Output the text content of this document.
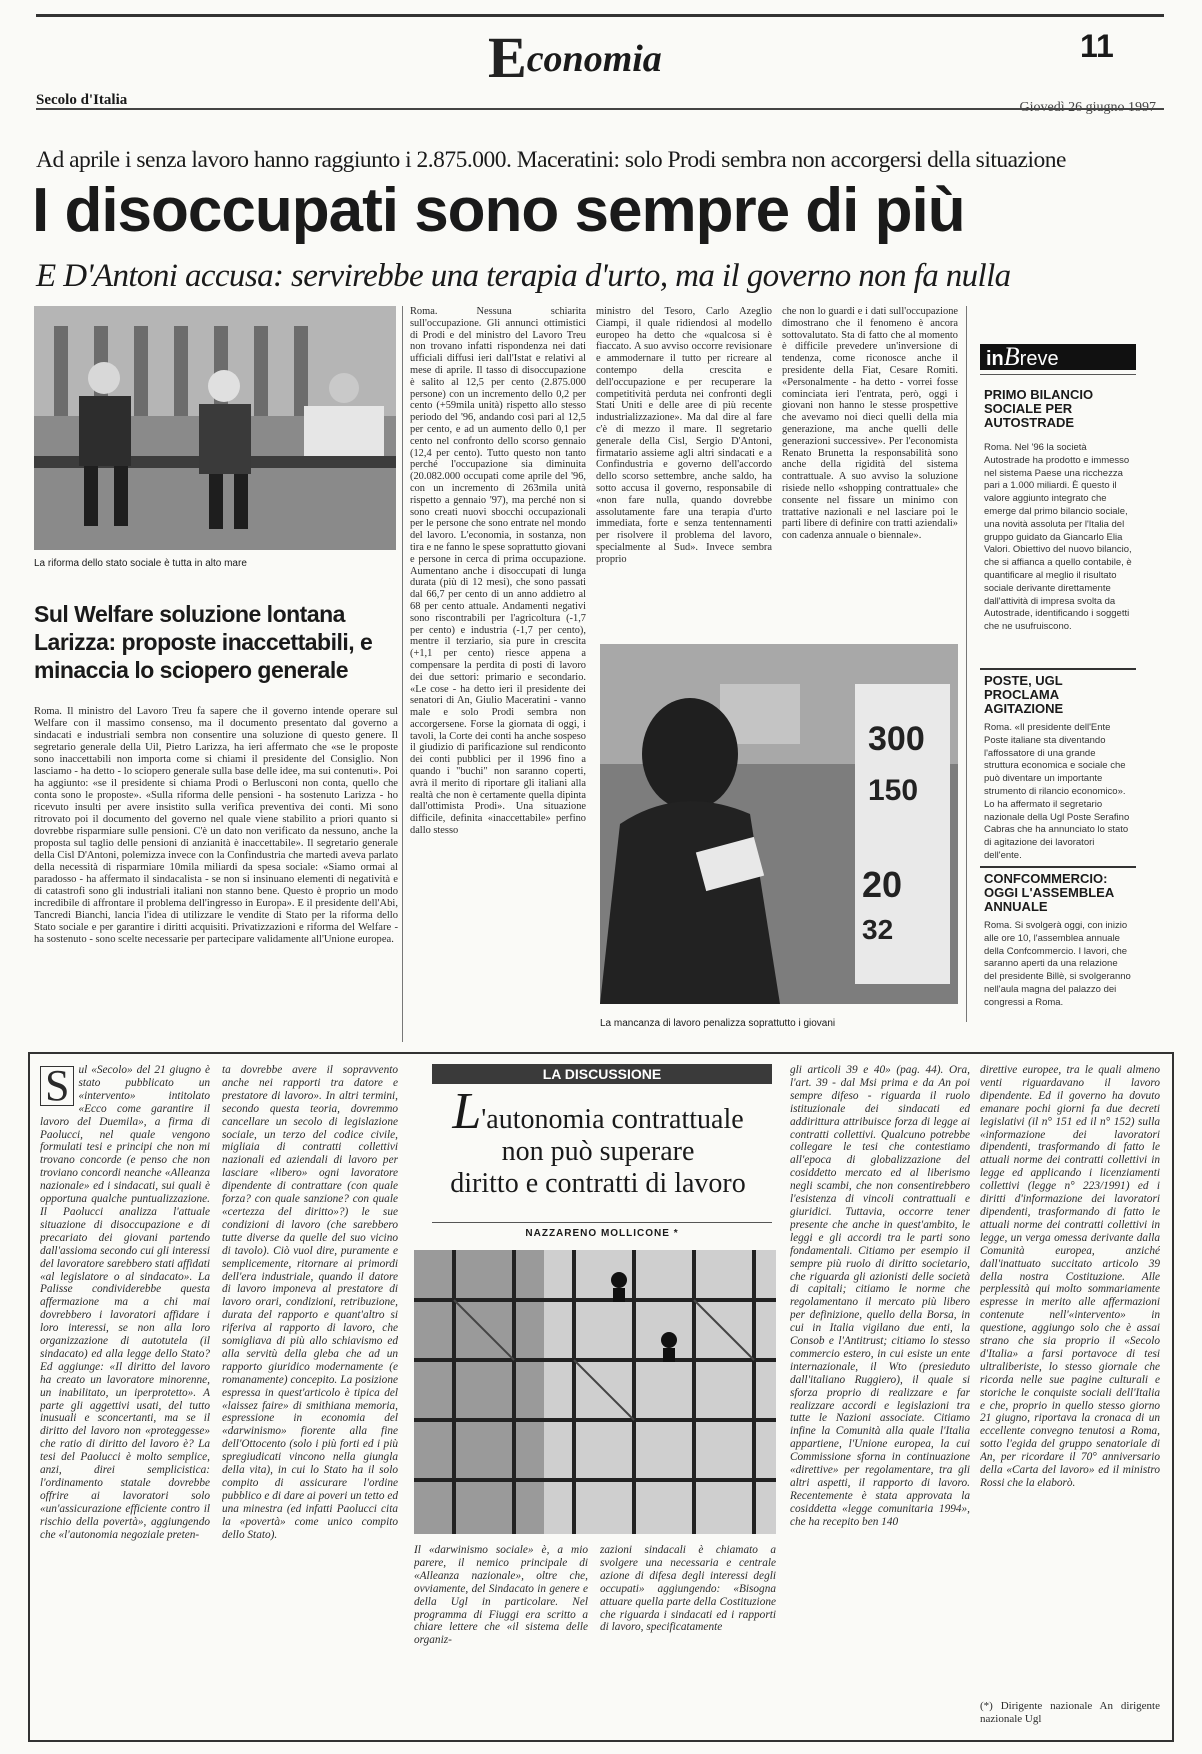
Economia	11
Secolo d'Italia	Giovedì 26 giugno 1997
Ad aprile i senza lavoro hanno raggiunto i 2.875.000. Maceratini: solo Prodi sembra non accorgersi della situazione
I disoccupati sono sempre di più
E D'Antoni accusa: servirebbe una terapia d'urto, ma il governo non fa nulla
La riforma dello stato sociale è tutta in alto mare
Sul Welfare soluzione lontana Larizza: proposte inaccettabili, e minaccia lo sciopero generale
Roma. Il ministro del Lavoro Treu fa sapere che il governo intende operare sul Welfare con il massimo consenso, ma il documento presentato dal governo a sindacati e industriali sembra non consentire una soluzione di questo genere. Il segretario generale della Uil, Pietro Larizza, ha ieri affermato che «se le proposte sono inaccettabili non importa come si chiami il presidente del Consiglio. Non lasciamo - ha detto - lo sciopero generale sulla base delle idee, ma sui contenuti». Poi ha aggiunto: «se il presidente si chiama Prodi o Berlusconi non conta, quello che conta sono le proposte». «Sulla riforma delle pensioni - ha sostenuto Larizza - ho ricevuto insulti per avere insistito sulla verifica preventiva dei conti. Mi sono ritrovato poi il documento del governo nel quale viene stabilito a priori quanto si dovrebbe risparmiare sulle pensioni. C'è un dato non verificato da nessuno, anche la proposta sul taglio delle pensioni di anzianità è inaccettabile». Il segretario generale della Cisl D'Antoni, polemizza invece con la Confindustria che martedì aveva parlato della necessità di risparmiare 10mila miliardi da spesa sociale: «Siamo ormai al paradosso - ha affermato il sindacalista - se non si insinuano elementi di negatività e di catastrofi sono gli industriali italiani non stanno bene. Questo è proprio un modo incredibile di affrontare il problema dell'ingresso in Europa». E il presidente dell'Abi, Tancredi Bianchi, lancia l'idea di utilizzare le vendite di Stato per la riforma dello Stato sociale e per garantire i diritti acquisiti. Privatizzazioni e riforma del Welfare - ha sostenuto - sono scelte necessarie per partecipare validamente all'Unione europea.
Roma. Nessuna schiarita sull'occupazione. Gli annunci ottimistici di Prodi e del ministro del Lavoro Treu non trovano infatti rispondenza nei dati ufficiali diffusi ieri dall'Istat e relativi al mese di aprile. Il tasso di disoccupazione è salito al 12,5 per cento (2.875.000 persone) con un incremento dello 0,2 per cento (+59mila unità) rispetto allo stesso periodo del '96, andando così pari al 12,5 per cento, e ad un aumento dello 0,1 per cento nel confronto dello scorso gennaio (12,4 per cento). Tutto questo non tanto perché l'occupazione sia diminuita (20.082.000 occupati come aprile del '96, con un incremento di 263mila unità rispetto a gennaio '97), ma perché non si sono creati nuovi sbocchi occupazionali per le persone che sono entrate nel mondo del lavoro. L'economia, in sostanza, non tira e ne fanno le spese soprattutto giovani e persone in cerca di prima occupazione. Aumentano anche i disoccupati di lunga durata (più di 12 mesi), che sono passati dal 66,7 per cento di un anno addietro al 68 per cento attuale. Andamenti negativi sono riscontrabili per l'agricoltura (-1,7 per cento) e industria (-1,7 per cento), mentre il terziario, sia pure in crescita (+1,1 per cento) riesce appena a compensare la perdita di posti di lavoro dei due settori: primario e secondario. «Le cose - ha detto ieri il presidente dei senatori di An, Giulio Maceratini - vanno male e solo Prodi sembra non accorgersene. Forse la giornata di oggi, i tavoli, la Corte dei conti ha anche sospeso il giudizio di parificazione sul rendiconto dei conti pubblici per il 1996 fino a quando i "buchi" non saranno coperti, avrà il merito di riportare gli italiani alla realtà che non è certamente quella dipinta dall'ottimista Prodi». Una situazione difficile, definita «inaccettabile» perfino dallo stesso
ministro del Tesoro, Carlo Azeglio Ciampi, il quale ridiendosi al modello europeo ha detto che «qualcosa si è fiaccato. A suo avviso occorre revisionare e ammodernare il tutto per ricreare al contempo della crescita e dell'occupazione e per recuperare la competitività perduta nei confronti degli Stati Uniti e delle aree di più recente industrializzazione». Ma dal dire al fare c'è di mezzo il mare. Il segretario generale della Cisl, Sergio D'Antoni, firmatario assieme agli altri sindacati e a Confindustria e governo dell'accordo dello scorso settembre, anche saldo, ha sotto accusa il governo, responsabile di «non fare nulla, quando dovrebbe assolutamente fare una terapia d'urto immediata, forte e senza tentennamenti per risolvere il problema del lavoro, specialmente al Sud». Invece sembra proprio
che non lo guardi e i dati sull'occupazione dimostrano che il fenomeno è ancora sottovalutato. Sta di fatto che al momento è difficile prevedere un'inversione di tendenza, come riconosce anche il presidente della Fiat, Cesare Romiti. «Personalmente - ha detto - vorrei fosse cominciata ieri l'entrata, però, oggi i giovani non hanno le stesse prospettive che avevamo noi dieci quelli della mia generazione, ma anche quelli delle generazioni successive». Per l'economista Renato Brunetta la responsabilità sono anche della rigidità del sistema contrattuale. A suo avviso la soluzione risiede nello «shopping contrattuale» che consente nel fissare un minimo con trattative nazionali e nel lasciare poi le parti libere di definire con tratti aziendali» con cadenza annuale o biennale».
300
150
20
32
La mancanza di lavoro penalizza soprattutto i giovani
inBreve
PRIMO BILANCIO SOCIALE PER AUTOSTRADE
Roma. Nel '96 la società Autostrade ha prodotto e immesso nel sistema Paese una ricchezza pari a 1.000 miliardi. È questo il valore aggiunto integrato che emerge dal primo bilancio sociale, una novità assoluta per l'Italia del gruppo guidato da Giancarlo Elia Valori. Obiettivo del nuovo bilancio, che si affianca a quello contabile, è quantificare al meglio il risultato sociale derivante direttamente dall'attività di impresa svolta da Autostrade, identificando i soggetti che ne usufruiscono.
POSTE, UGL PROCLAMA AGITAZIONE
Roma. «Il presidente dell'Ente Poste italiane sta diventando l'affossatore di una grande struttura economica e sociale che può diventare un importante strumento di rilancio economico». Lo ha affermato il segretario nazionale della Ugl Poste Serafino Cabras che ha annunciato lo stato di agitazione dei lavoratori dell'ente.
CONFCOMMERCIO: OGGI L'ASSEMBLEA ANNUALE
Roma. Si svolgerà oggi, con inizio alle ore 10, l'assemblea annuale della Confcommercio. I lavori, che saranno aperti da una relazione del presidente Billè, si svolgeranno nell'aula magna del palazzo dei congressi a Roma.
S ul «Secolo» del 21 giugno è stato pubblicato un «intervento» intitolato «Ecco come garantire il lavoro del Duemila», a firma di Paolucci, nel quale vengono formulati tesi e principi che non mi trovano concorde (e penso che non troviano concordi neanche «Alleanza nazionale» ed i sindacati, sui quali è opportuna qualche puntualizzazione. Il Paolucci analizza l'attuale situazione di disoccupazione e di precariato dei giovani partendo dall'assioma secondo cui gli interessi del lavoratore sarebbero stati affidati «al legislatore o al sindacato». La Palisse condividerebbe questa affermazione ma a chi mai dovrebbero i lavoratori affidare i loro interessi, se non alla loro organizzazione di autotutela (il sindacato) ed alla legge dello Stato? Ed aggiunge: «Il diritto del lavoro ha creato un lavoratore minorenne, un inabilitato, un iperprotetto». A parte gli aggettivi usati, del tutto inusuali e sconcertanti, ma se il diritto del lavoro non «proteggesse» che ratio di diritto del lavoro è? La tesi del Paolucci è molto semplice, anzi, direi semplicistica: l'ordinamento statale dovrebbe offrire ai lavoratori solo «un'assicurazione efficiente contro il rischio della povertà», aggiungendo che «l'autonomia negoziale preten-
ta dovrebbe avere il sopravvento anche nei rapporti tra datore e prestatore di lavoro». In altri termini, secondo questa teoria, dovremmo cancellare un secolo di legislazione sociale, un terzo del codice civile, migliaia di contratti collettivi nazionali ed aziendali di lavoro per lasciare «libero» ogni lavoratore dipendente di contrattare (con quale forza? con quale sanzione? con quale «certezza del diritto»?) le sue condizioni di lavoro (che sarebbero tutte diverse da quelle del suo vicino di tavolo). Ciò vuol dire, puramente e semplicemente, ritornare ai primordi dell'era industriale, quando il datore di lavoro imponeva al prestatore di lavoro orari, condizioni, retribuzione, durata del rapporto e quant'altro si riferiva al rapporto di lavoro, che somigliava di più allo schiavismo ed alla servitù della gleba che ad un rapporto giuridico modernamente (e romanamente) concepito. La posizione espressa in quest'articolo è tipica del «laissez faire» di smithiana memoria, espressione in economia del «darwinismo» fiorente alla fine dell'Ottocento (solo i più forti ed i più spregiudicati vincono nella giungla della vita), in cui lo Stato ha il solo compito di assicurare l'ordine pubblico e di dare ai poveri un tetto ed una minestra (ed infatti Paolucci cita la «povertà» come unico compito dello Stato).
LA DISCUSSIONE
L'autonomia contrattuale
non può superare
diritto e contratti di lavoro
NAZZARENO MOLLICONE *
Il «darwinismo sociale» è, a mio parere, il nemico principale di «Alleanza nazionale», oltre che, ovviamente, del Sindacato in genere e della Ugl in particolare. Nel programma di Fiuggi era scritto a chiare lettere che «il sistema delle organiz-
zazioni sindacali è chiamato a svolgere una necessaria e centrale azione di difesa degli interessi degli occupati» aggiungendo: «Bisogna attuare quella parte della Costituzione che riguarda i sindacati ed i rapporti di lavoro, specificatamente
gli articoli 39 e 40» (pag. 44). Ora, l'art. 39 - dal Msi prima e da An poi sempre difeso - riguarda il ruolo istituzionale dei sindacati ed addirittura attribuisce forza di legge ai contratti collettivi. Qualcuno potrebbe collegare le tesi che contestiamo all'epoca di globalizzazione del cosiddetto mercato ed al liberismo negli scambi, che non consentirebbero l'esistenza di vincoli contrattuali e giuridici. Tuttavia, occorre tener presente che anche in quest'ambito, le leggi e gli accordi tra le parti sono fondamentali. Citiamo per esempio il sempre più ruolo di diritto societario, che riguarda gli azionisti delle società di capitali; citiamo le norme che regolamentano il mercato più libero per definizione, quello della Borsa, in cui in Italia vigilano due enti, la Consob e l'Antitrust; citiamo lo stesso commercio estero, in cui esiste un ente internazionale, il Wto (presieduto dall'italiano Ruggiero), il quale si sforza proprio di realizzare e far realizzare accordi e legislazioni tra tutte le Nazioni associate. Citiamo infine la Comunità alla quale l'Italia appartiene, l'Unione europea, la cui Commissione sforna in continuazione «direttive» per regolamentare, tra gli altri aspetti, il rapporto di lavoro. Recentemente è stata approvata la cosiddetta «legge comunitaria 1994», che ha recepito ben 140
direttive europee, tra le quali almeno venti riguardavano il lavoro dipendente. Ed il governo ha dovuto emanare pochi giorni fa due decreti legislativi (il n° 151 ed il n° 152) sulla «informazione dei lavoratori dipendenti, trasformando di fatto le attuali norme dei contratti collettivi in legge ed applicando i licenziamenti collettivi (legge n° 223/1991) ed i diritti d'informazione dei lavoratori dipendenti, trasformando di fatto le attuali norme dei contratti collettivi in legge, un verga omessa derivante dalla Comunità europea, anziché dall'inattuato succitato articolo 39 della nostra Costituzione. Alle perplessità qui molto sommariamente espresse in merito alle affermazioni contenute nell'«intervento» in questione, aggiungo solo che è assai strano che sia proprio il «Secolo d'Italia» a farsi portavoce di tesi ultraliberiste, lo stesso giornale che ricorda nelle sue pagine culturali e storiche le conquiste sociali dell'Italia e che, proprio in quello stesso giorno 21 giugno, riportava la cronaca di un eccellente convegno tenutosi a Roma, sotto l'egida del gruppo senatoriale di An, per ricordare il 70° anniversario della «Carta del lavoro» ed il ministro Rossi che la elaborò.
(*) Dirigente nazionale An dirigente nazionale Ugl
